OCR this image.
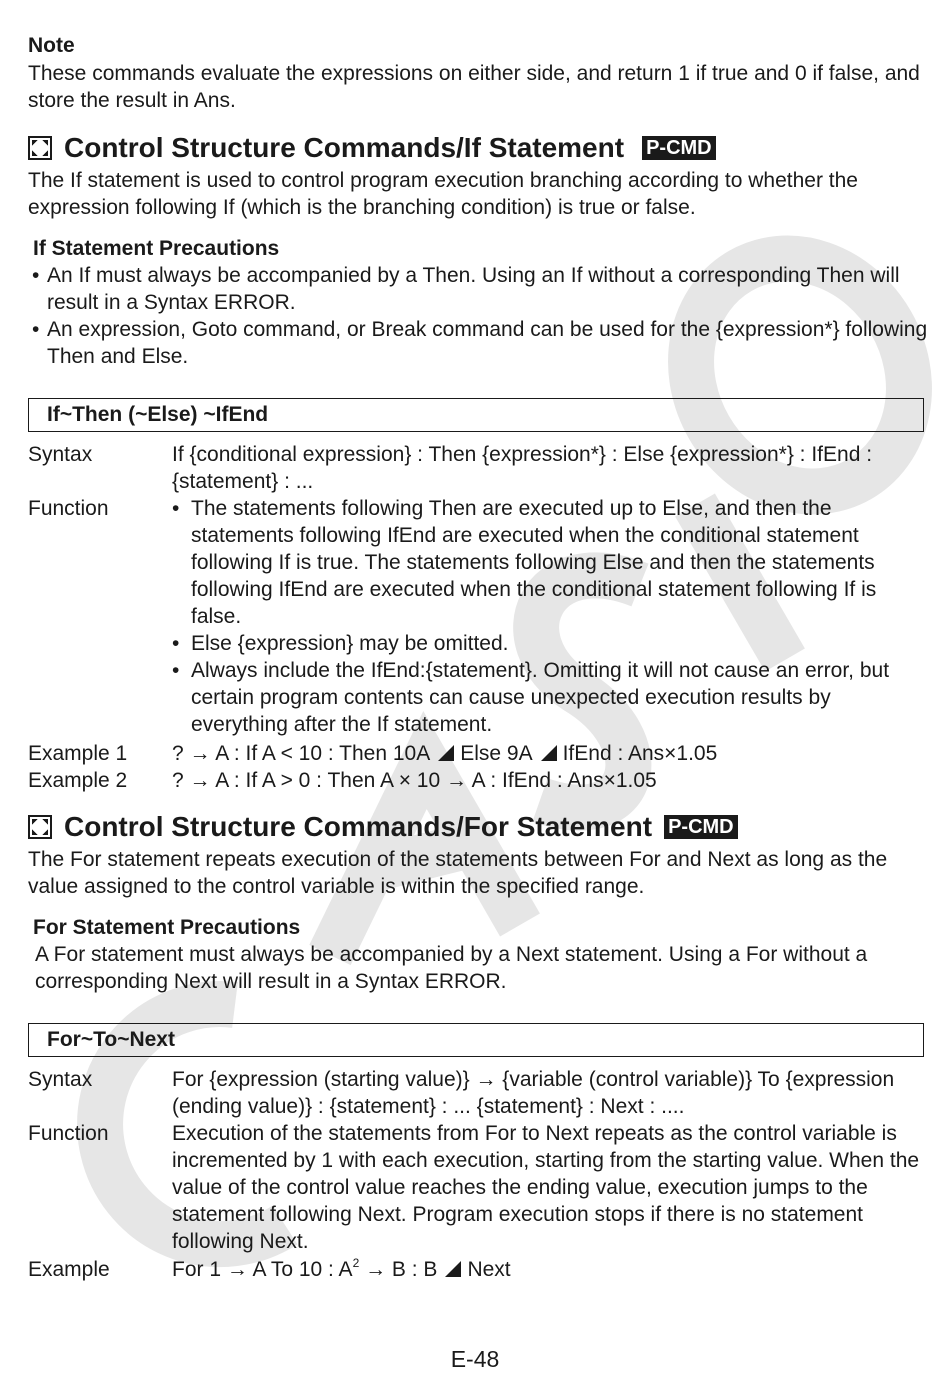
Note
These commands evaluate the expressions on either side, and return 1 if true and 0 if false, and store the result in Ans.
Control Structure Commands/If Statement P-CMD
The If statement is used to control program execution branching according to whether the expression following If (which is the branching condition) is true or false.
If Statement Precautions
• An If must always be accompanied by a Then. Using an If without a corresponding Then will result in a Syntax ERROR.
• An expression, Goto command, or Break command can be used for the {expression*} following Then and Else.
If~Then (~Else) ~IfEnd
Syntax	If {conditional expression} : Then {expression*} : Else {expression*} : IfEnd : {statement} : ...
Function
•	The statements following Then are executed up to Else, and then the statements following IfEnd are executed when the conditional statement following If is true. The statements following Else and then the statements following IfEnd are executed when the conditional statement following If is false.
• Else {expression} may be omitted.
• Always include the IfEnd:{statement}. Omitting it will not cause an error, but certain program contents can cause unexpected execution results by everything after the If statement.
Example 1 ? → A : If A < 10 : Then 10A Else 9A IfEnd : Ans×1.05
Example 2 ? → A : If A > 0 : Then A × 10 → A : IfEnd : Ans×1.05
Control Structure Commands/For Statement P-CMD
The For statement repeats execution of the statements between For and Next as long as the value assigned to the control variable is within the specified range.
For Statement Precautions
A For statement must always be accompanied by a Next statement. Using a For without a corresponding Next will result in a Syntax ERROR.
For~To~Next
Syntax	For {expression (starting value)} → {variable (control variable)} To {expression (ending value)} : {statement} : ... {statement} : Next : ....
Function	Execution of the statements from For to Next repeats as the control variable is incremented by 1 with each execution, starting from the starting value. When the value of the control value reaches the ending value, execution jumps to the statement following Next. Program execution stops if there is no statement following Next.
Example	For 1 → A To 10 : $A^2 \to B$ : B Next
E-48
